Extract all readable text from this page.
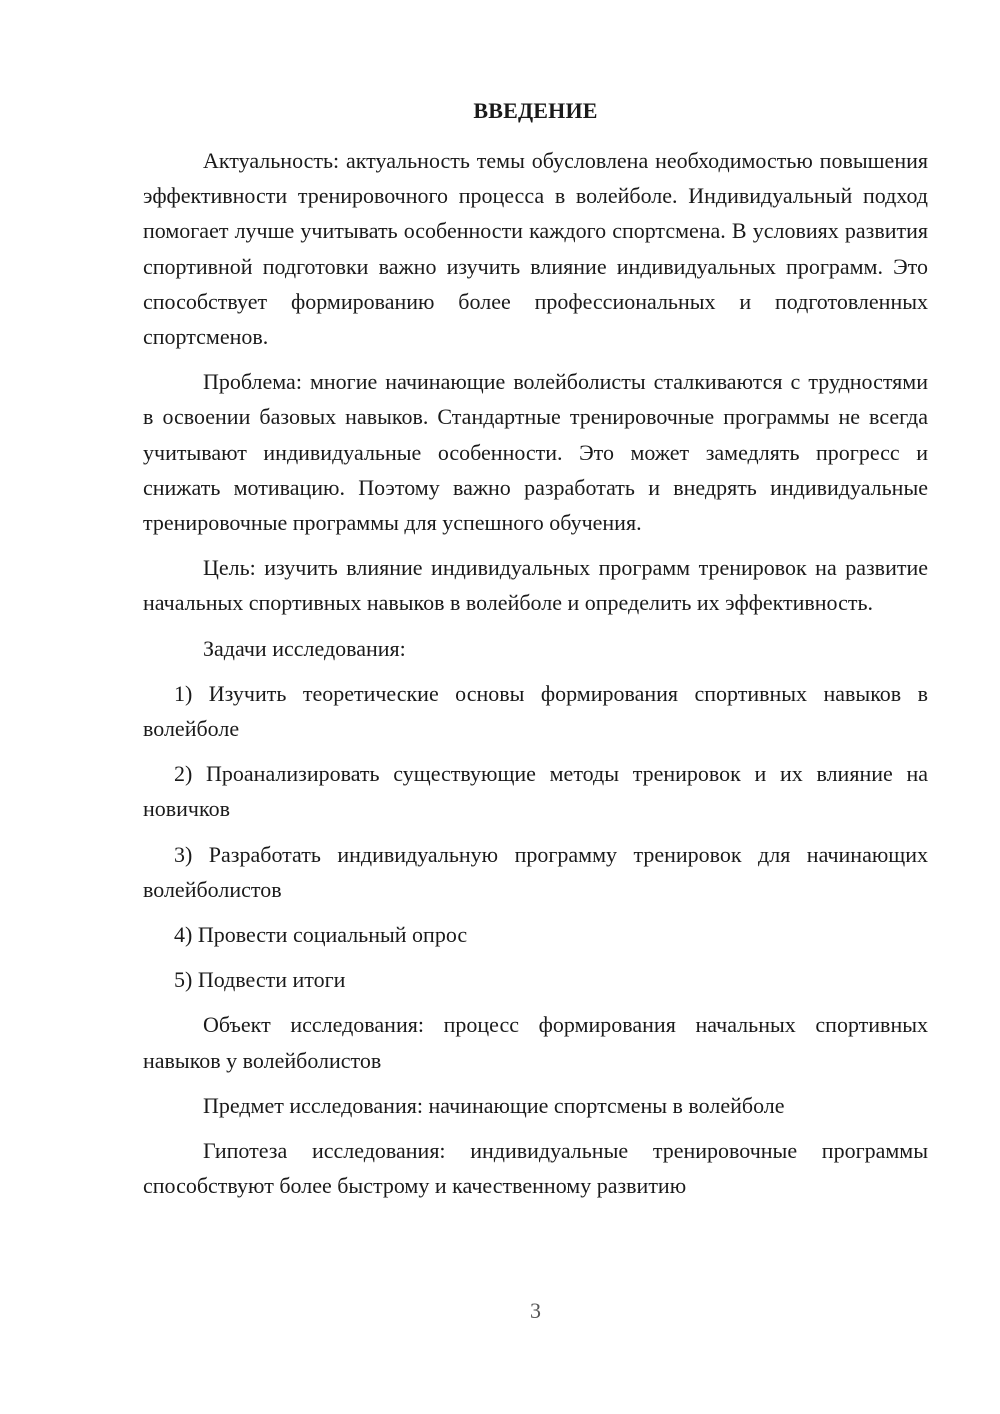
ВВЕДЕНИЕ

Актуальность: актуальность темы обусловлена необходимостью повышения эффективности тренировочного процесса в волейболе. Индивидуальный подход помогает лучше учитывать особенности каждого спортсмена. В условиях развития спортивной подготовки важно изучить влияние индивидуальных программ. Это способствует формированию более профессиональных и подготовленных спортсменов.

Проблема: многие начинающие волейболисты сталкиваются с трудностями в освоении базовых навыков. Стандартные тренировочные программы не всегда учитывают индивидуальные особенности. Это может замедлять прогресс и снижать мотивацию. Поэтому важно разработать и внедрять индивидуальные тренировочные программы для успешного обучения.

Цель: изучить влияние индивидуальных программ тренировок на развитие начальных спортивных навыков в волейболе и определить их эффективность.

Задачи исследования:

1) Изучить теоретические основы формирования спортивных навыков в волейболе

2) Проанализировать существующие методы тренировок и их влияние на новичков

3) Разработать индивидуальную программу тренировок для начинающих волейболистов

4) Провести социальный опрос

5) Подвести итоги

Объект исследования: процесс формирования начальных спортивных навыков у волейболистов

Предмет исследования: начинающие спортсмены в волейболе

Гипотеза исследования: индивидуальные тренировочные программы способствуют более быстрому и качественному развитию

3
